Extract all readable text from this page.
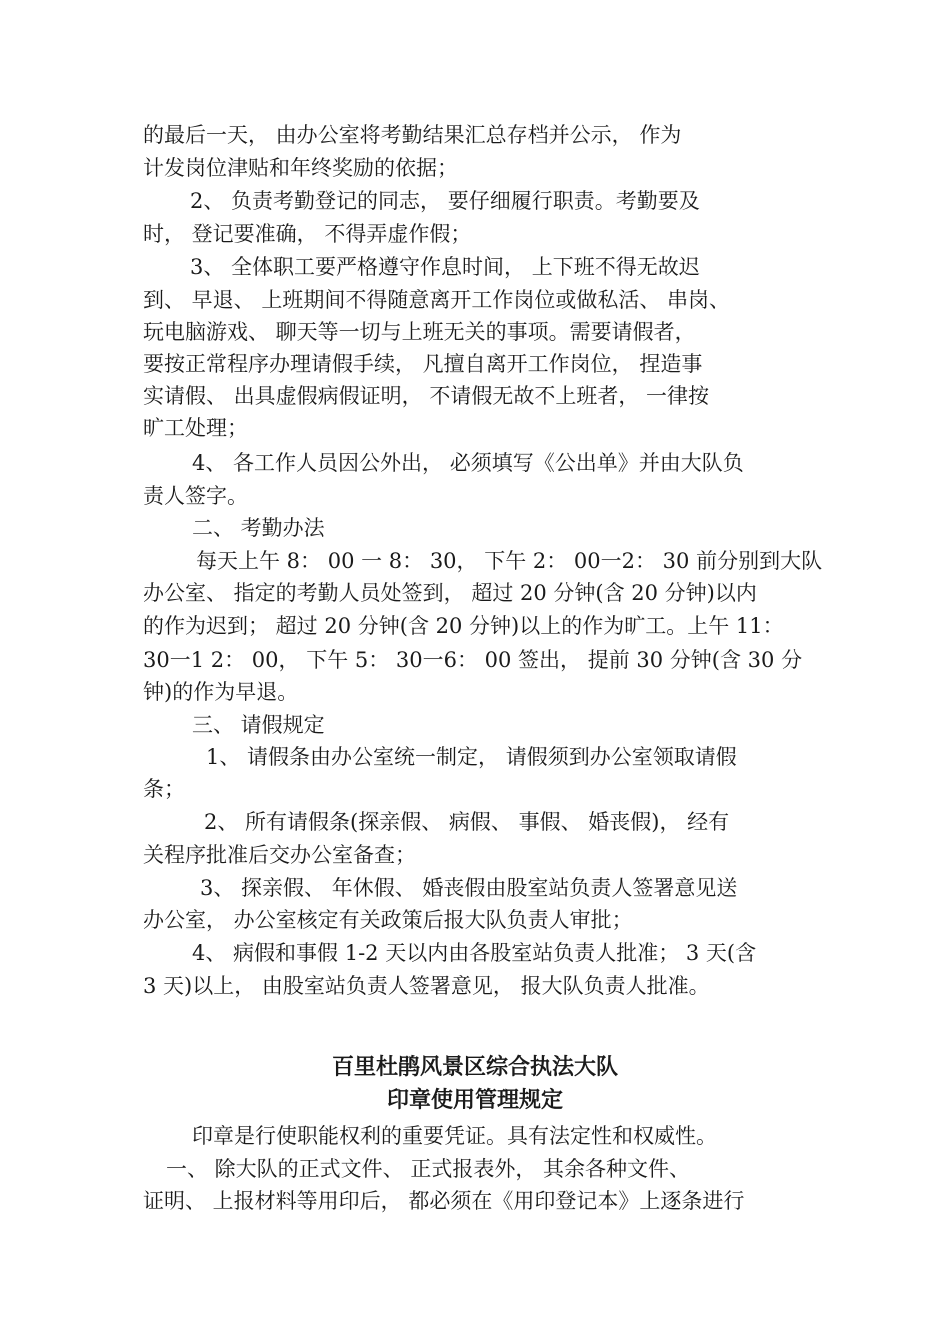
的最后一天， 由办公室将考勤结果汇总存档并公示， 作为
计发岗位津贴和年终奖励的依据；
2、 负责考勤登记的同志， 要仔细履行职责。考勤要及
时， 登记要准确， 不得弄虚作假；
3、 全体职工要严格遵守作息时间， 上下班不得无故迟
到、 早退、 上班期间不得随意离开工作岗位或做私活、 串岗、
玩电脑游戏、 聊天等一切与上班无关的事项。需要请假者，
要按正常程序办理请假手续， 凡擅自离开工作岗位， 捏造事
实请假、 出具虚假病假证明， 不请假无故不上班者， 一律按
旷工处理；
4、 各工作人员因公外出， 必须填写《公出单》并由大队负
责人签字。
二、 考勤办法
每天上午 8： 00 一 8： 30， 下午 2： 00一2： 30 前分别到大队
办公室、 指定的考勤人员处签到， 超过 20 分钟(含 20 分钟)以内
的作为迟到； 超过 20 分钟(含 20 分钟)以上的作为旷工。上午 11：
30一1 2： 00， 下午 5： 30一6： 00 签出， 提前 30 分钟(含 30 分
钟)的作为早退。
三、 请假规定
1、 请假条由办公室统一制定， 请假须到办公室领取请假
条；
2、 所有请假条(探亲假、 病假、 事假、 婚丧假)， 经有
关程序批准后交办公室备查；
3、 探亲假、 年休假、 婚丧假由股室站负责人签署意见送
办公室， 办公室核定有关政策后报大队负责人审批；
4、 病假和事假 1-2 天以内由各股室站负责人批准； 3 天(含
3 天)以上， 由股室站负责人签署意见， 报大队负责人批准。
百里杜鹃风景区综合执法大队
印章使用管理规定
印章是行使职能权利的重要凭证。具有法定性和权威性。
一、 除大队的正式文件、 正式报表外， 其余各种文件、
证明、 上报材料等用印后， 都必须在《用印登记本》上逐条进行
